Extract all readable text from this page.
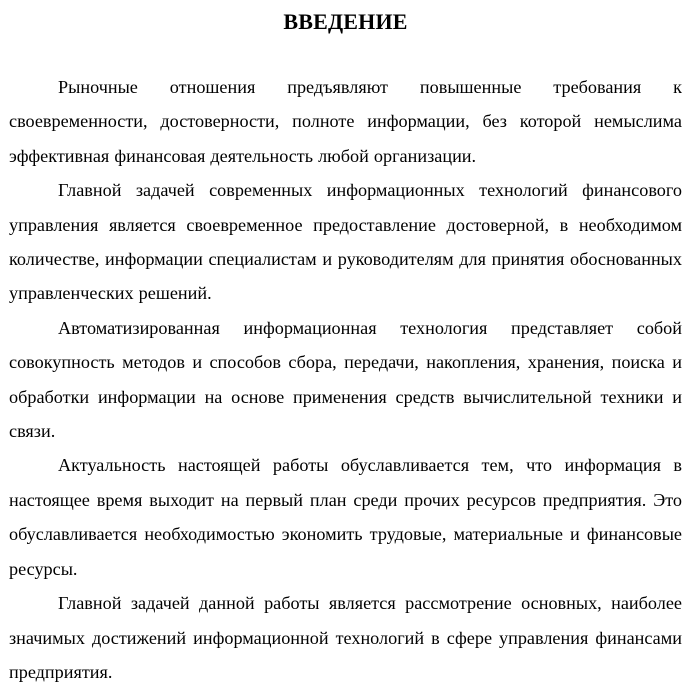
ВВЕДЕНИЕ

Рыночные отношения предъявляют повышенные требования к своевременности, достоверности, полноте информации, без которой немыслима эффективная финансовая деятельность любой организации.

Главной задачей современных информационных технологий финансового управления является своевременное предоставление достоверной, в необходимом количестве, информации специалистам и руководителям для принятия обоснованных управленческих решений.

Автоматизированная информационная технология представляет собой совокупность методов и способов сбора, передачи, накопления, хранения, поиска и обработки информации на основе применения средств вычислительной техники и связи.

Актуальность настоящей работы обуславливается тем, что информация в настоящее время выходит на первый план среди прочих ресурсов предприятия. Это обуславливается необходимостью экономить трудовые, материальные и финансовые ресурсы.

Главной задачей данной работы является рассмотрение основных, наиболее значимых достижений информационной технологий в сфере управления финансами предприятия.
